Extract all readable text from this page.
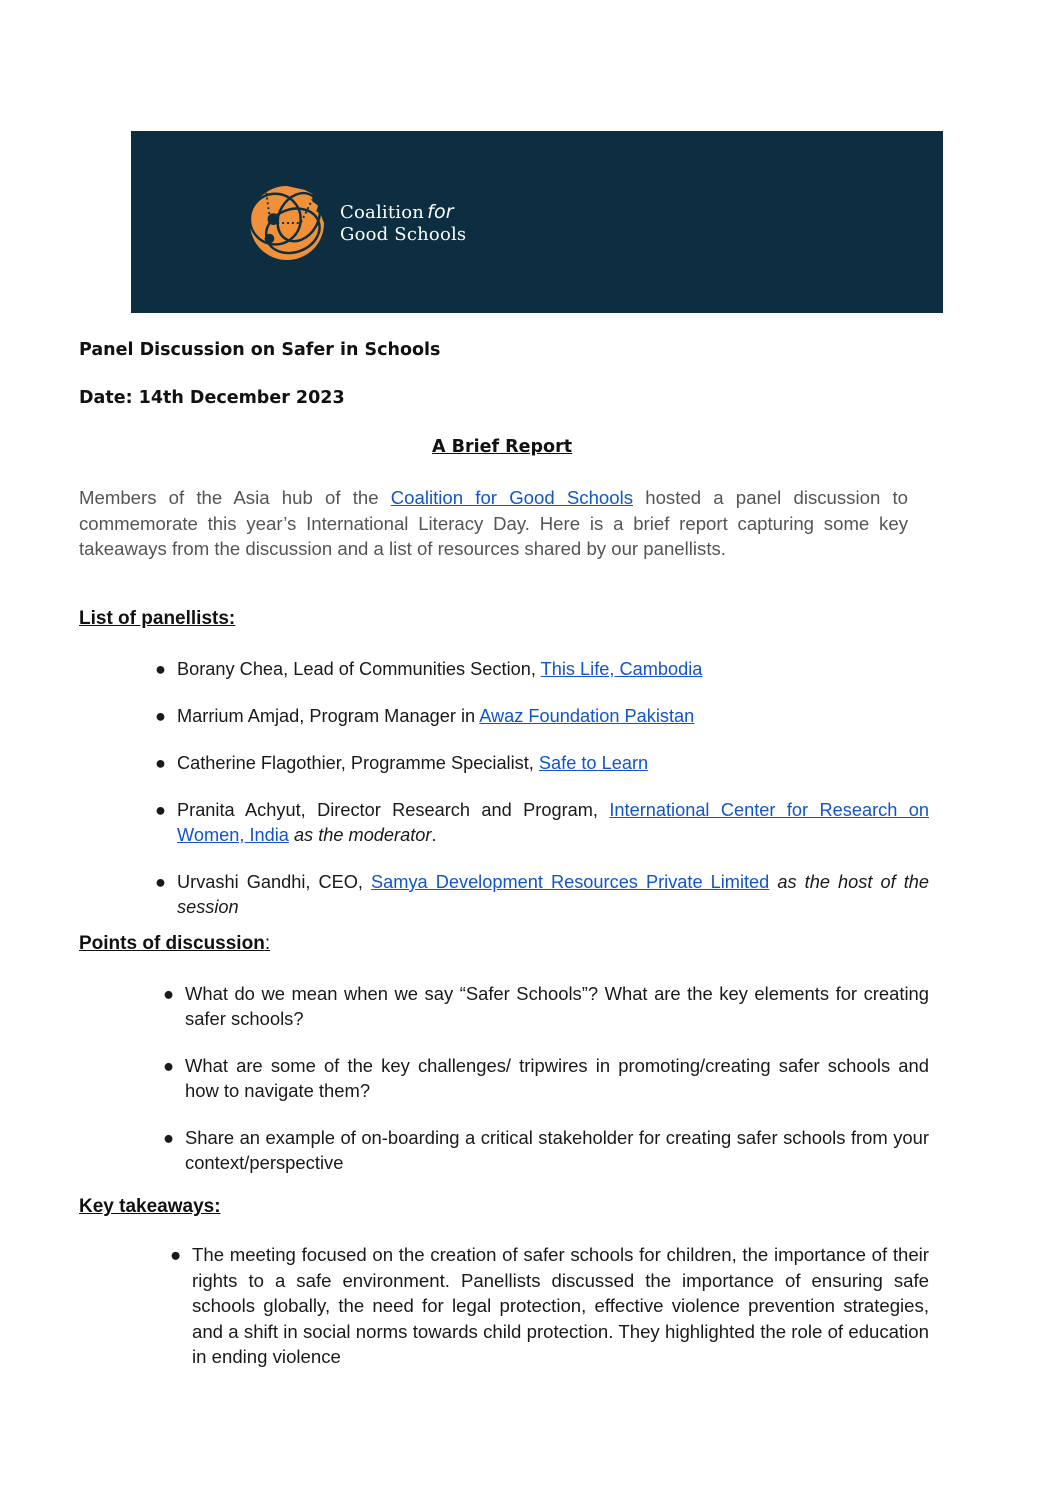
Coalition for
Good Schools
Panel Discussion on Safer in Schools
Date: 14th December 2023
A Brief Report

Members of the Asia hub of the Coalition for Good Schools hosted a panel discussion to commemorate this year’s International Literacy Day. Here is a brief report capturing some key takeaways from the discussion and a list of resources shared by our panellists.

List of panellists:
● Borany Chea, Lead of Communities Section, This Life, Cambodia
● Marrium Amjad, Program Manager in Awaz Foundation Pakistan
● Catherine Flagothier, Programme Specialist, Safe to Learn
● Pranita Achyut, Director Research and Program, International Center for Research on Women, India as the moderator.
● Urvashi Gandhi, CEO, Samya Development Resources Private Limited as the host of the session
Points of discussion:
● What do we mean when we say “Safer Schools”? What are the key elements for creating safer schools?
● What are some of the key challenges/ tripwires in promoting/creating safer schools and how to navigate them?
● Share an example of on-boarding a critical stakeholder for creating safer schools from your context/perspective
Key takeaways:
● The meeting focused on the creation of safer schools for children, the importance of their rights to a safe environment. Panellists discussed the importance of ensuring safe schools globally, the need for legal protection, effective violence prevention strategies, and a shift in social norms towards child protection. They highlighted the role of education in ending violence
